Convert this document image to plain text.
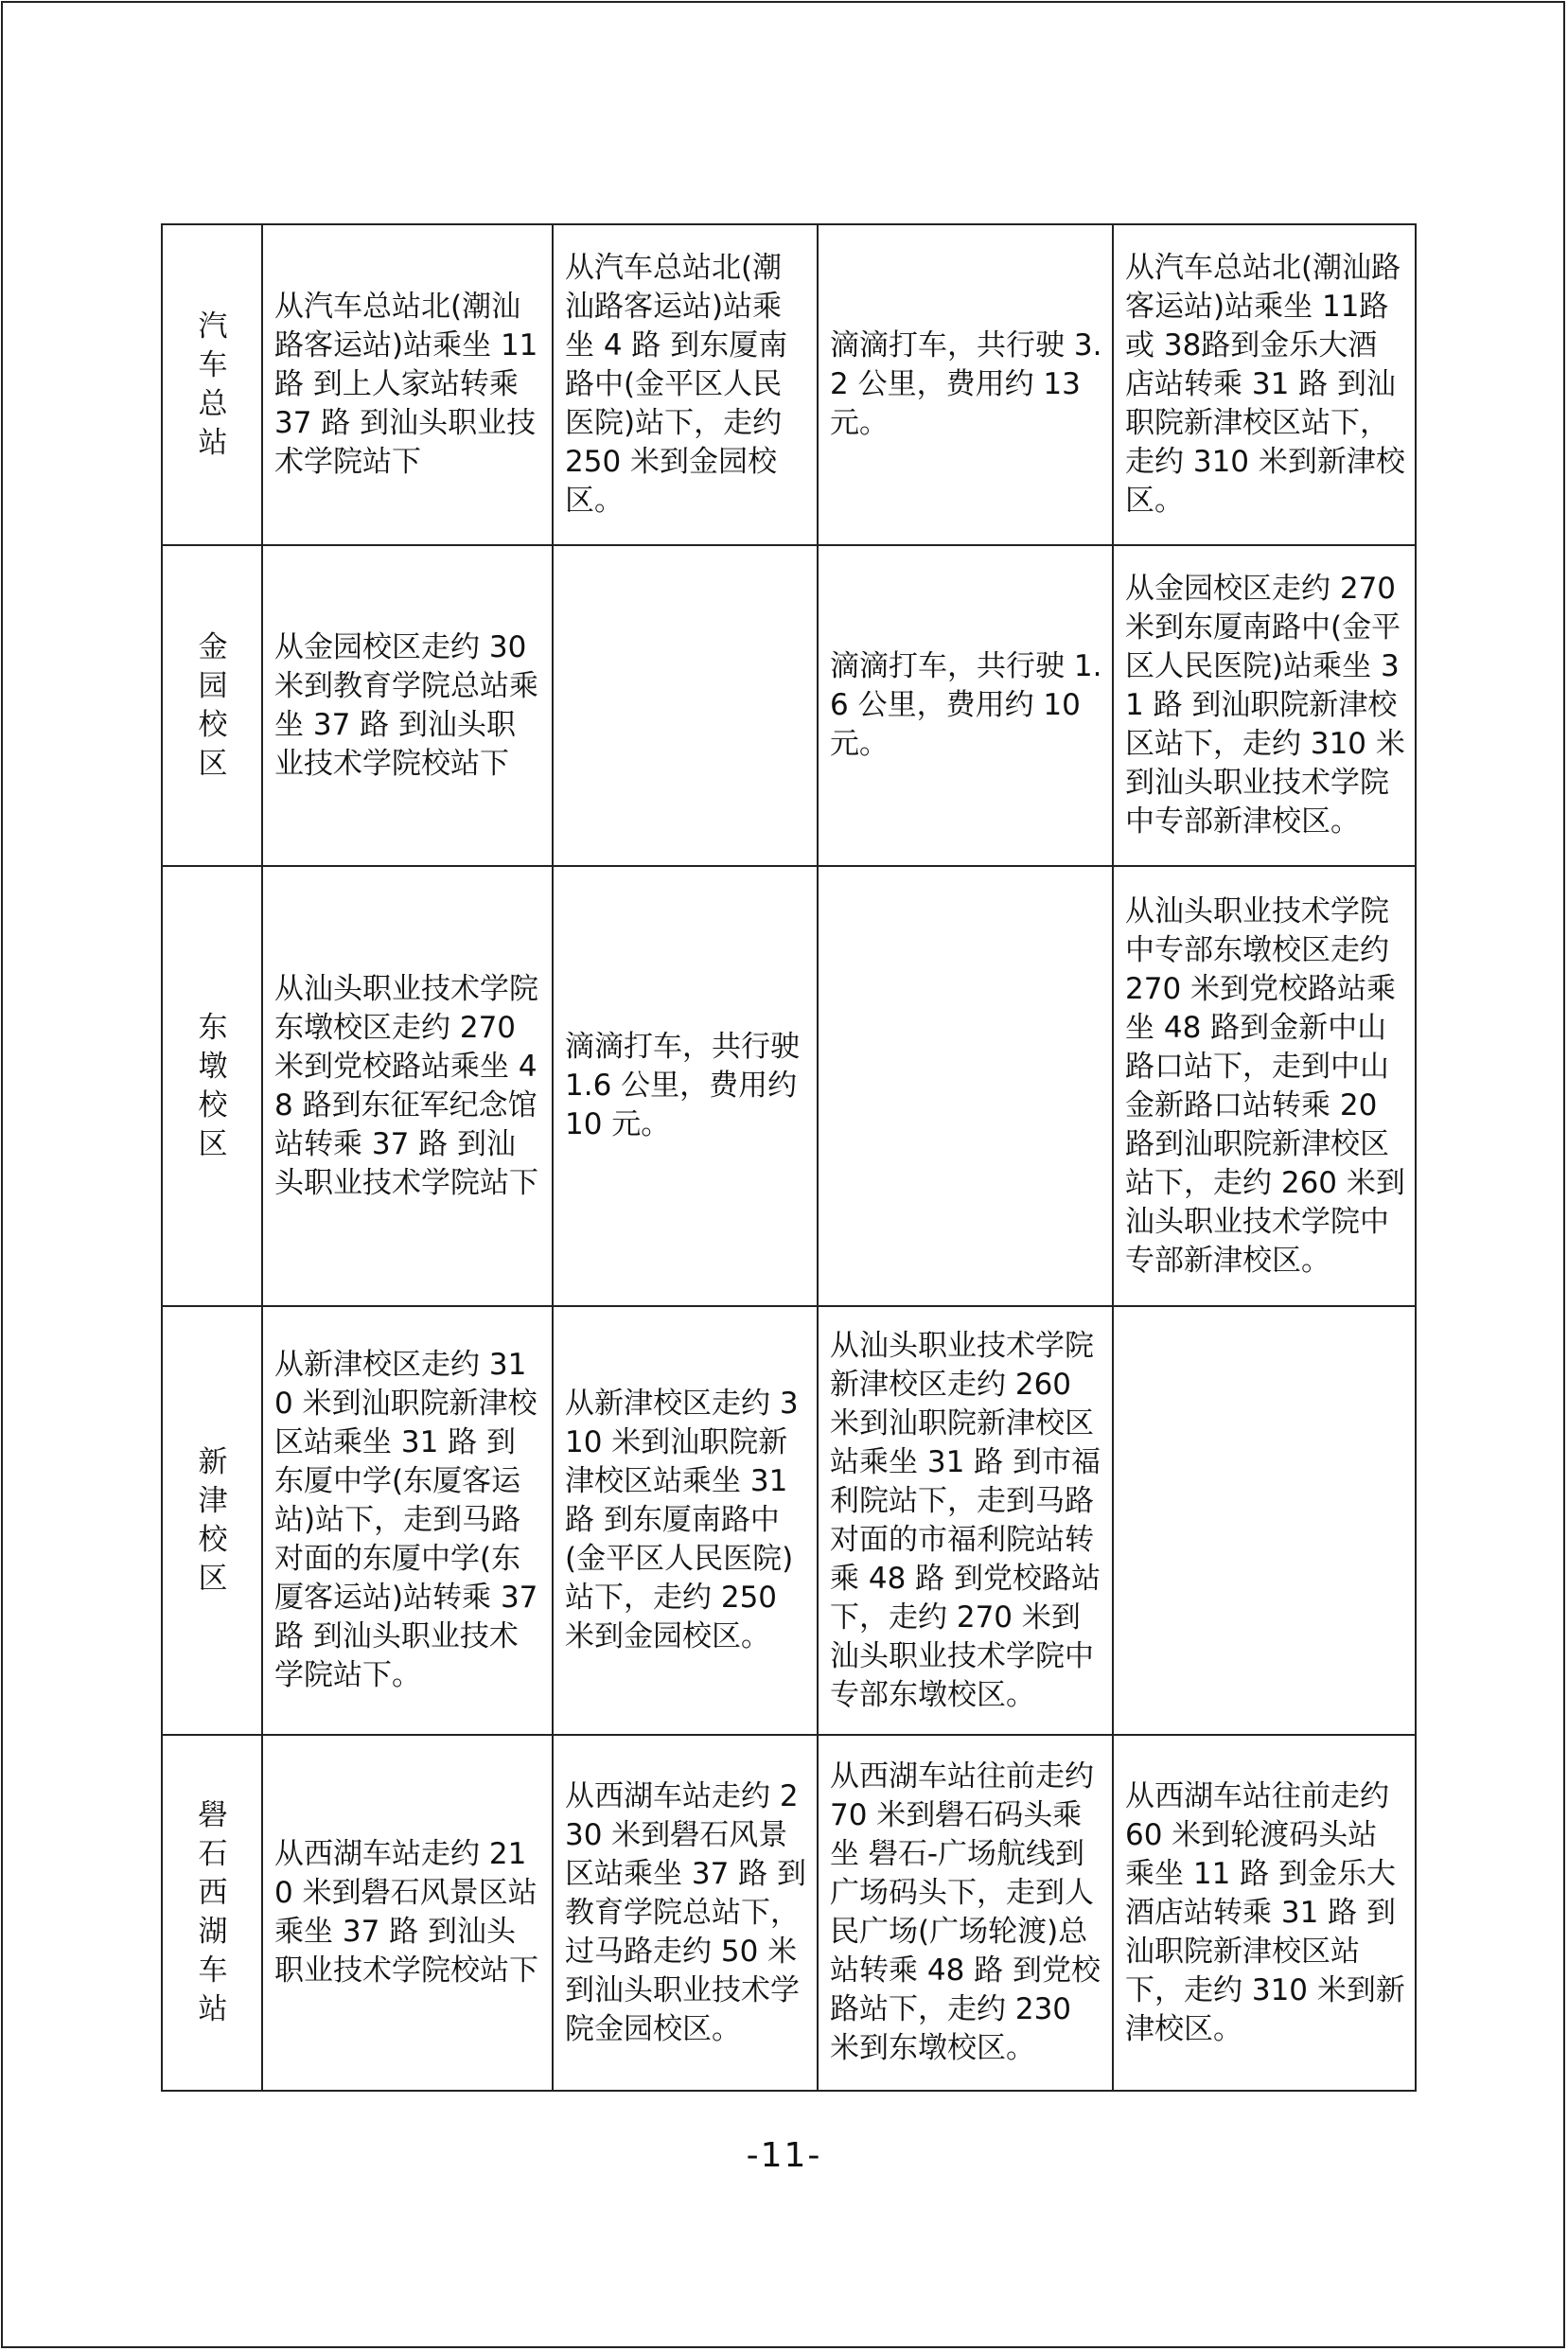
汽车总站	从汽车总站北(潮汕路客运站)站乘坐 11 路 到上人家站转乘 37 路 到汕头职业技术学院站下	从汽车总站北(潮汕路客运站)站乘坐 4 路 到东厦南路中(金平区人民医院)站下，走约 250 米到金园校区。	滴滴打车，共行驶 3.2 公里，费用约 13 元。	从汽车总站北(潮汕路客运站)站乘坐 11路或 38路到金乐大酒店站转乘 31 路 到汕职院新津校区站下，走约 310 米到新津校区。
金园校区	从金园校区走约 30 米到教育学院总站乘坐 37 路 到汕头职业技术学院校站下		滴滴打车，共行驶 1.6 公里，费用约 10 元。	从金园校区走约 270 米到东厦南路中(金平区人民医院)站乘坐 31 路 到汕职院新津校区站下，走约 310 米到汕头职业技术学院中专部新津校区。
东墩校区	从汕头职业技术学院东墩校区走约 270 米到党校路站乘坐 48 路到东征军纪念馆站转乘 37 路 到汕头职业技术学院站下	滴滴打车，共行驶 1.6 公里，费用约 10 元。		从汕头职业技术学院中专部东墩校区走约 270 米到党校路站乘坐 48 路到金新中山路口站下，走到中山金新路口站转乘 20 路到汕职院新津校区站下，走约 260 米到汕头职业技术学院中专部新津校区。
新津校区	从新津校区走约 310 米到汕职院新津校区站乘坐 31 路 到东厦中学(东厦客运站)站下，走到马路对面的东厦中学(东厦客运站)站转乘 37 路 到汕头职业技术学院站下。	从新津校区走约 310 米到汕职院新津校区站乘坐 31 路 到东厦南路中(金平区人民医院)站下，走约 250 米到金园校区。	从汕头职业技术学院新津校区走约 260 米到汕职院新津校区站乘坐 31 路 到市福利院站下，走到马路对面的市福利院站转乘 48 路 到党校路站下，走约 270 米到汕头职业技术学院中专部东墩校区。	
礐石西湖车站	从西湖车站走约 210 米到礐石风景区站乘坐 37 路 到汕头职业技术学院校站下	从西湖车站走约 230 米到礐石风景区站乘坐 37 路 到教育学院总站下，过马路走约 50 米到汕头职业技术学院金园校区。	从西湖车站往前走约 70 米到礐石码头乘坐 礐石-广场航线到 广场码头下，走到人民广场(广场轮渡)总站转乘 48 路 到党校路站下，走约 230 米到东墩校区。	从西湖车站往前走约 60 米到轮渡码头站乘坐 11 路 到金乐大酒店站转乘 31 路 到汕职院新津校区站下，走约 310 米到新津校区。
-11-
